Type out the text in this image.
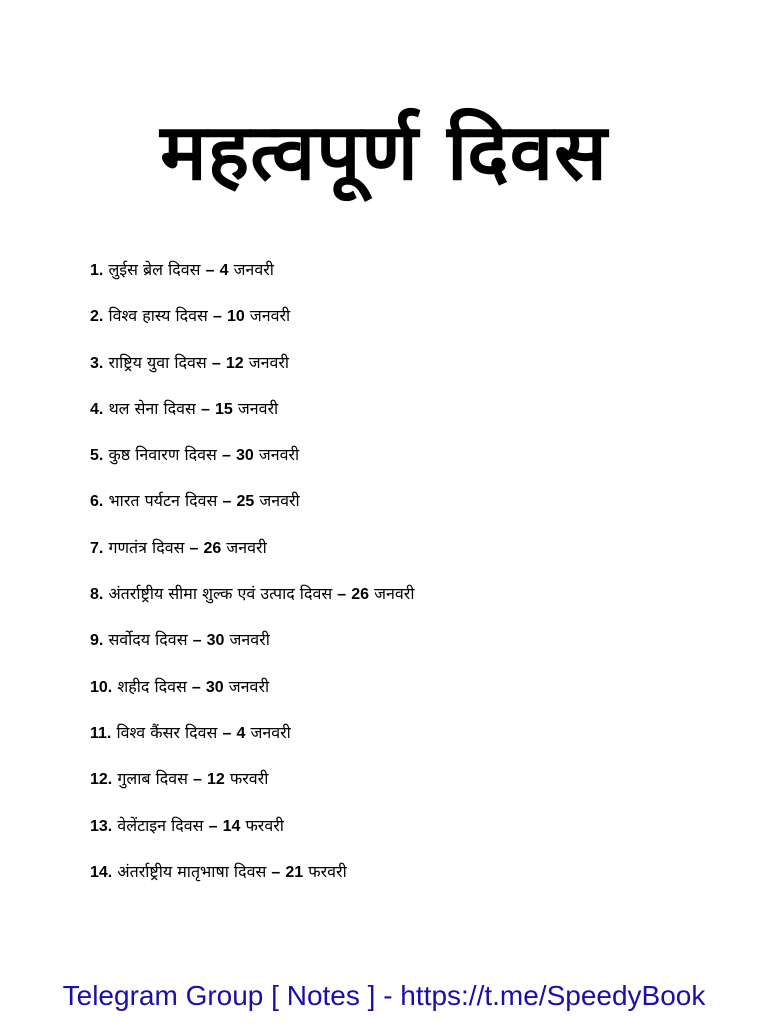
महत्वपूर्ण दिवस
1. लुईस ब्रेल दिवस – 4 जनवरी
2. विश्व हास्य दिवस – 10 जनवरी
3. राष्ट्रिय युवा दिवस – 12 जनवरी
4. थल सेना दिवस – 15 जनवरी
5. कुष्ठ निवारण दिवस – 30 जनवरी
6. भारत पर्यटन दिवस – 25 जनवरी
7. गणतंत्र दिवस – 26 जनवरी
8. अंतर्राष्ट्रीय सीमा शुल्क एवं उत्पाद दिवस – 26 जनवरी
9. सर्वोदय दिवस – 30 जनवरी
10. शहीद दिवस – 30 जनवरी
11. विश्व कैंसर दिवस – 4 जनवरी
12. गुलाब दिवस – 12 फरवरी
13. वेलेंटाइन दिवस – 14 फरवरी
14. अंतर्राष्ट्रीय मातृभाषा दिवस – 21 फरवरी
Telegram Group [ Notes ] - https://t.me/SpeedyBook
